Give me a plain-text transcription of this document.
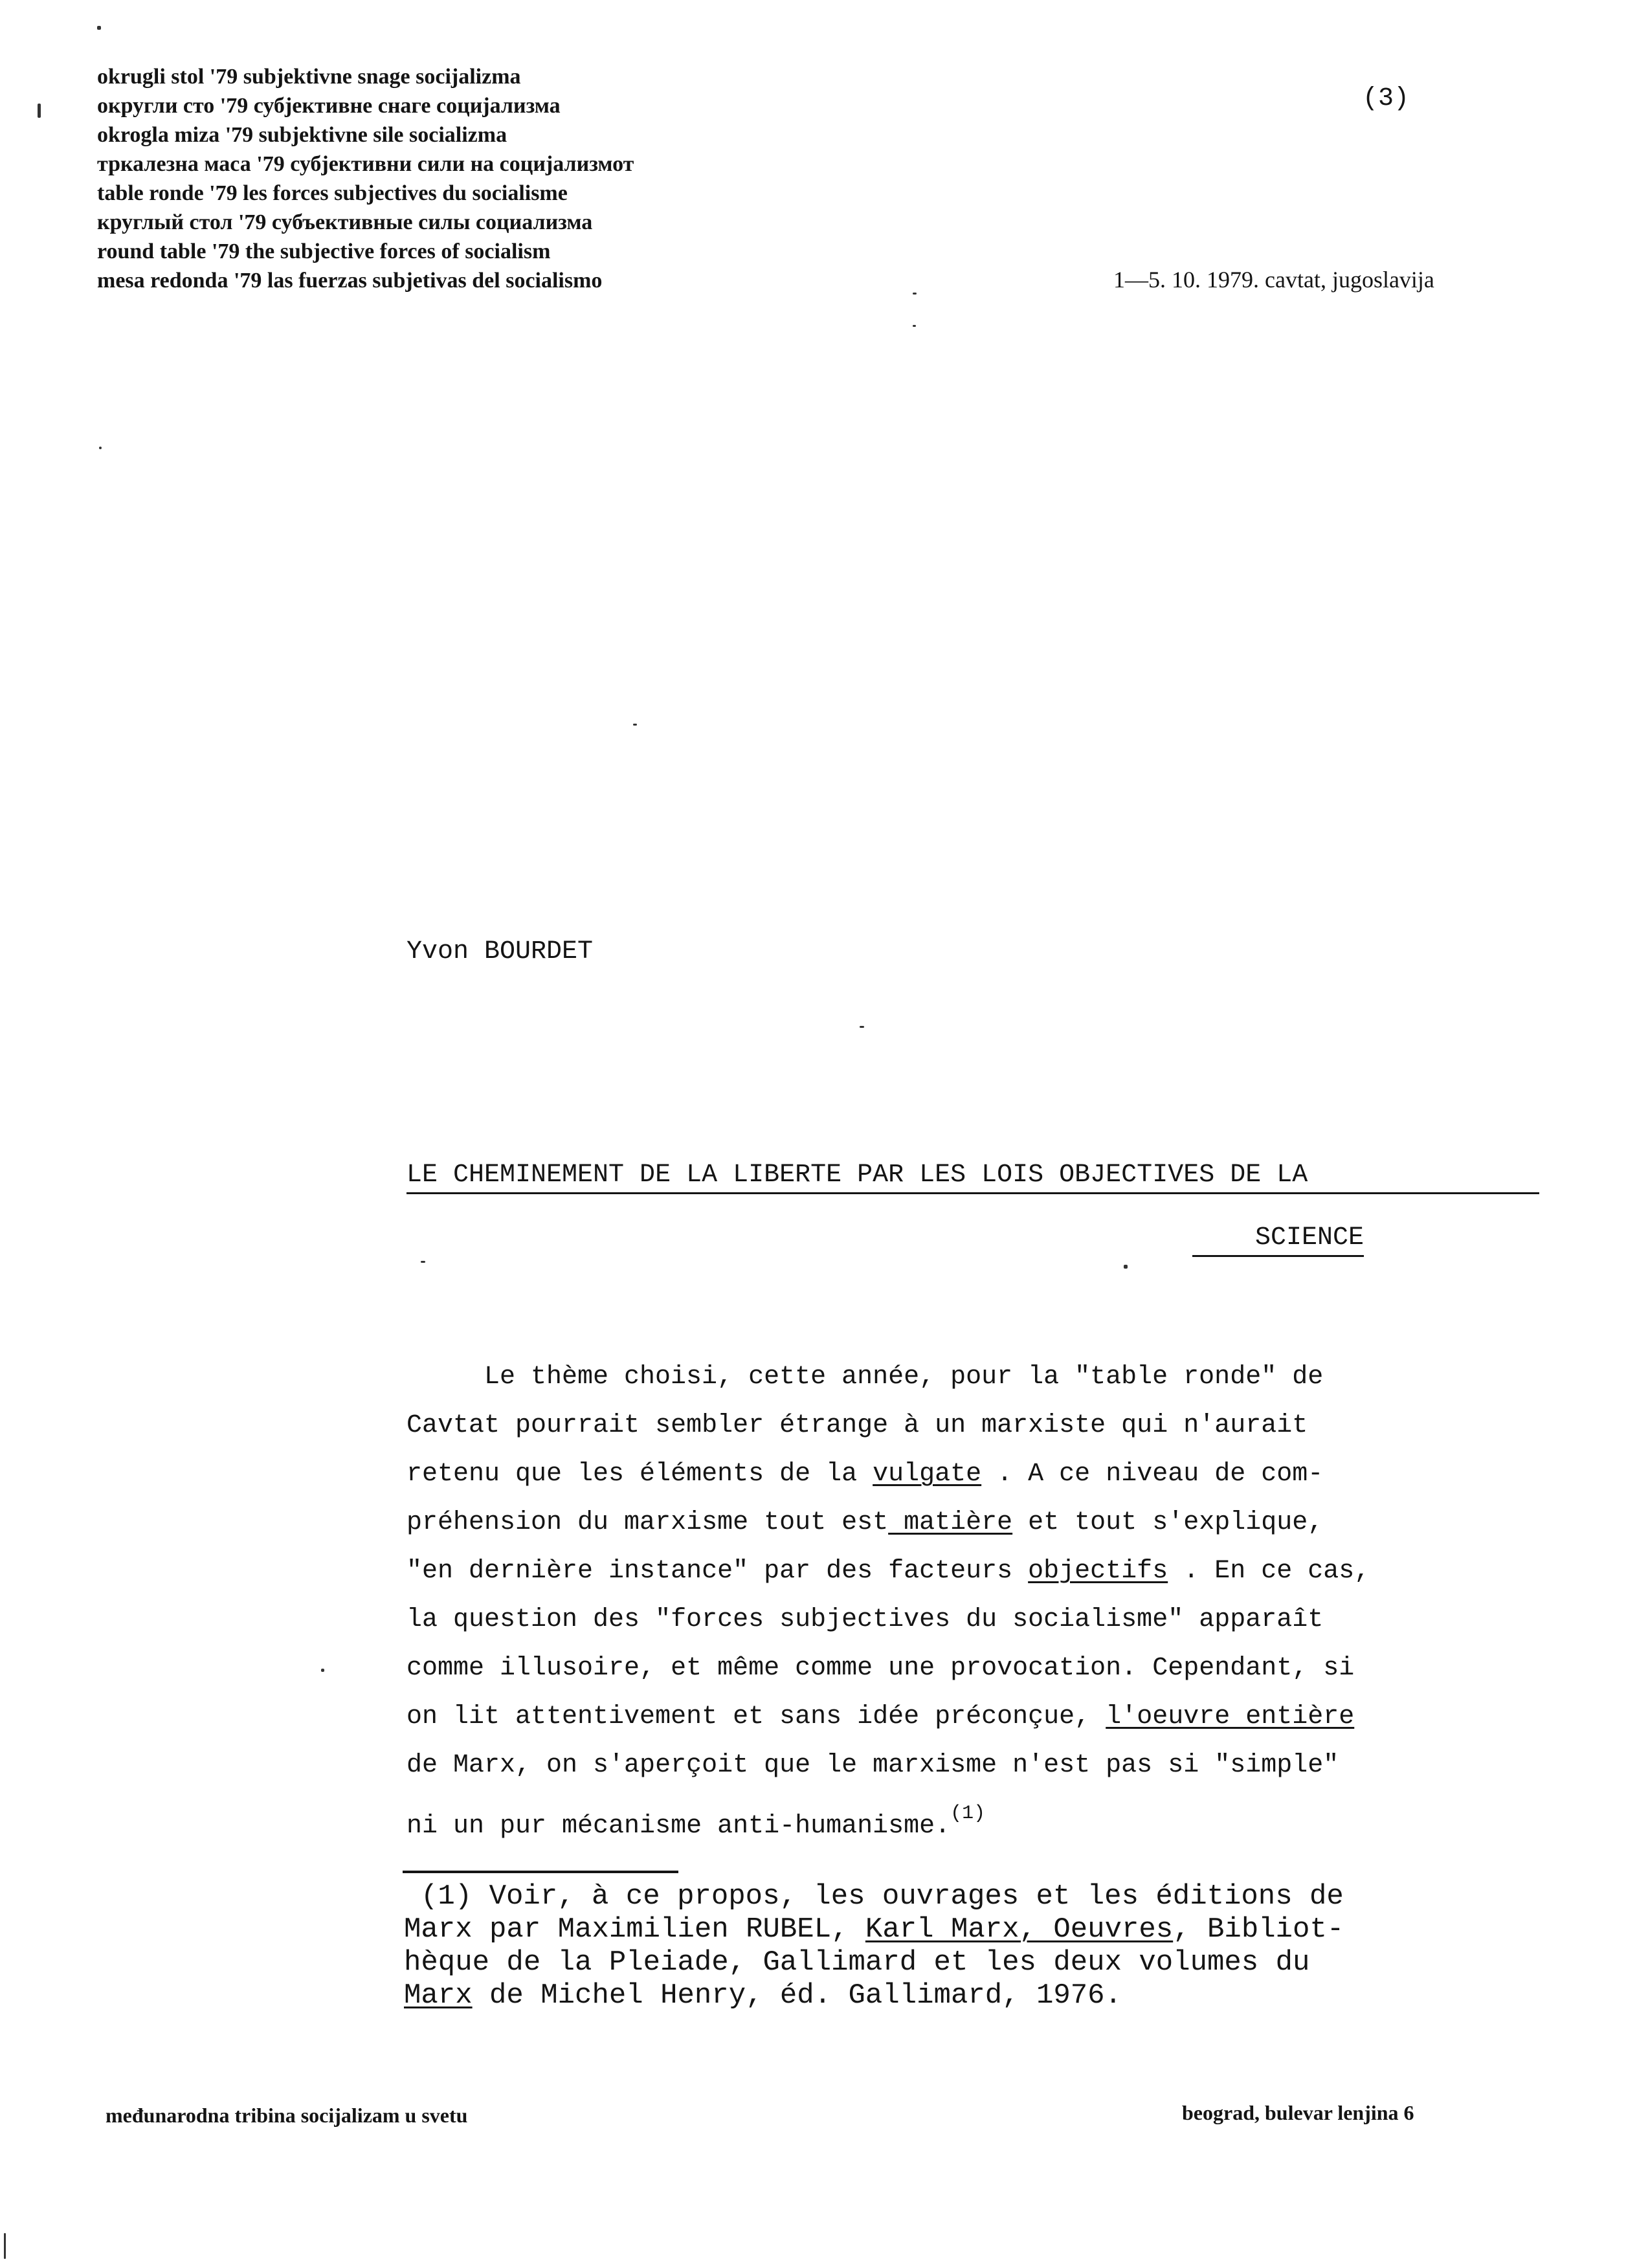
okrugli stol '79 subjektivne snage socijalizma
округли сто '79 субјективне снаге социјализма
okrogla miza '79 subjektivne sile socializma
тркалезна маса '79 субјективни сили на социјализмот
table ronde '79 les forces subjectives du socialisme
круглый стол '79 субъективные силы социализма
round table '79 the subjective forces of socialism
mesa redonda '79 las fuerzas subjetivas del socialismo
(3)
1—5. 10. 1979. cavtat, jugoslavija
Yvon BOURDET
LE CHEMINEMENT DE LA LIBERTE PAR LES LOIS OBJECTIVES DE LA
SCIENCE
Le thème choisi, cette année, pour la "table ronde" de
Cavtat pourrait sembler étrange à un marxiste qui n'aurait
retenu que les éléments de la vulgate . A ce niveau de com-
préhension du marxisme tout est matière et tout s'explique,
"en dernière instance" par des facteurs objectifs . En ce cas,
la question des "forces subjectives du socialisme" apparaît
comme illusoire, et même comme une provocation. Cependant, si
on lit attentivement et sans idée préconçue, l'oeuvre entière
de Marx, on s'aperçoit que le marxisme n'est pas si "simple"
ni un pur mécanisme anti-humanisme.$^{(1)}$
(1) Voir, à ce propos, les ouvrages et les éditions de
Marx par Maximilien RUBEL, Karl Marx, Oeuvres, Bibliot-
hèque de la Pleiade, Gallimard et les deux volumes du
Marx de Michel Henry, éd. Gallimard, 1976.
međunarodna tribina socijalizam u svetu	beograd, bulevar lenjina 6
